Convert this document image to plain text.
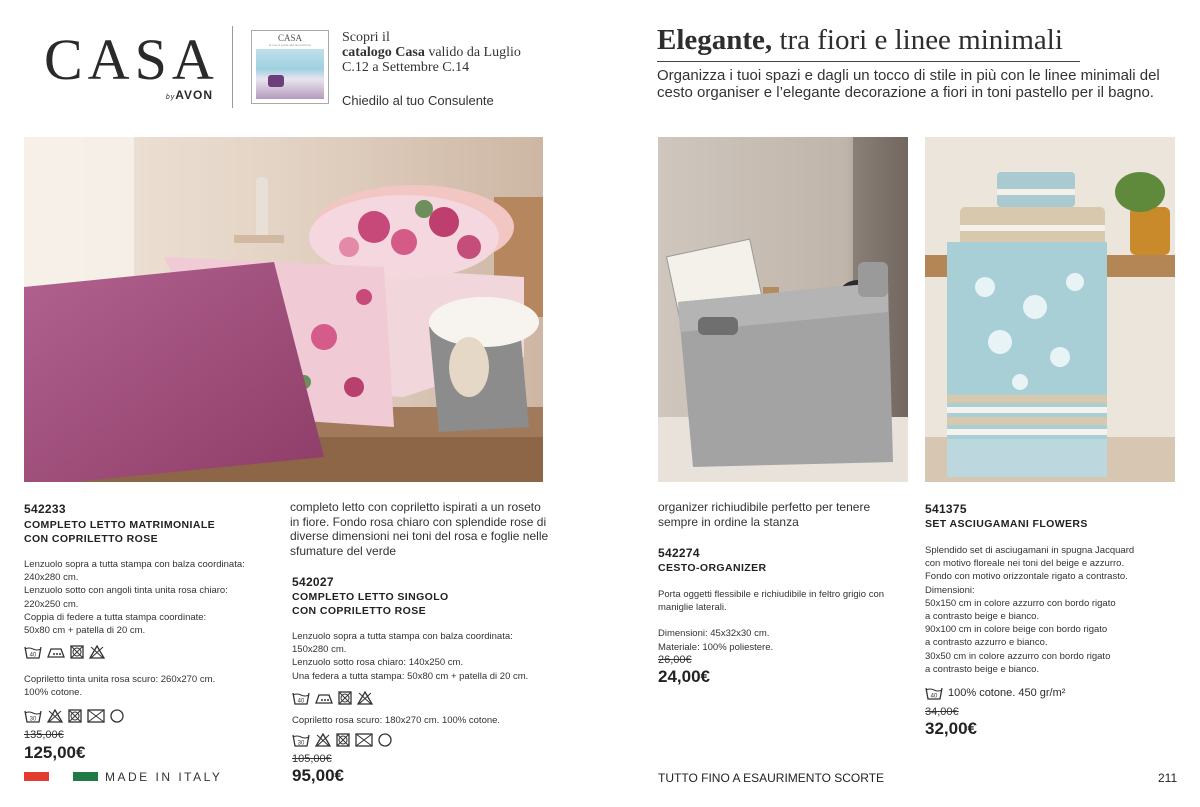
CASA
byAVON
CASA
la nuova guida alla decorazione	Scopri il
catalogo Casa valido da Luglio
C.12 a Settembre C.14
Chiedilo al tuo Consulente
Elegante, tra fiori e linee minimali
Organizza i tuoi spazi e dagli un tocco di stile in più con le linee minimali del cesto organiser e l’elegante decorazione a fiori in toni pastello per il bagno.
542233
COMPLETO LETTO MATRIMONIALE
CON COPRILETTO ROSE
Lenzuolo sopra a tutta stampa con balza coordinata:
240x280 cm.
Lenzuolo sotto con angoli tinta unita rosa chiaro:
220x250 cm.
Coppia di federe a tutta stampa coordinate:
50x80 cm + patella di 20 cm.
40
Copriletto tinta unita rosa scuro: 260x270 cm.
100% cotone.
30
135,00€
125,00€
MADE IN ITALY
completo letto con copriletto ispirati a un roseto
in fiore. Fondo rosa chiaro con splendide rose di
diverse dimensioni nei toni del rosa e foglie nelle
sfumature del verde
542027
COMPLETO LETTO SINGOLO
CON COPRILETTO ROSE
Lenzuolo sopra a tutta stampa con balza coordinata:
150x280 cm.
Lenzuolo sotto rosa chiaro: 140x250 cm.
Una federa a tutta stampa: 50x80 cm + patella di 20 cm.
40
Copriletto rosa scuro: 180x270 cm. 100% cotone.
30
105,00€
95,00€
organizer richiudibile perfetto per tenere
sempre in ordine la stanza
542274
CESTO-ORGANIZER
Porta oggetti flessibile e richiudibile in feltro grigio con
maniglie laterali.
Dimensioni: 45x32x30 cm.
Materiale: 100% poliestere.
26,00€
24,00€
TUTTO FINO A ESAURIMENTO SCORTE
541375
SET ASCIUGAMANI FLOWERS
Splendido set di asciugamani in spugna Jacquard
con motivo floreale nei toni del beige e azzurro.
Fondo con motivo orizzontale rigato a contrasto.
Dimensioni:
50x150 cm in colore azzurro con bordo rigato
a contrasto beige e bianco.
90x100 cm in colore beige con bordo rigato
a contrasto azzurro e bianco.
30x50 cm in colore azzurro con bordo rigato
a contrasto beige e bianco.
40 100% cotone. 450 gr/m²
34,00€
32,00€
211
